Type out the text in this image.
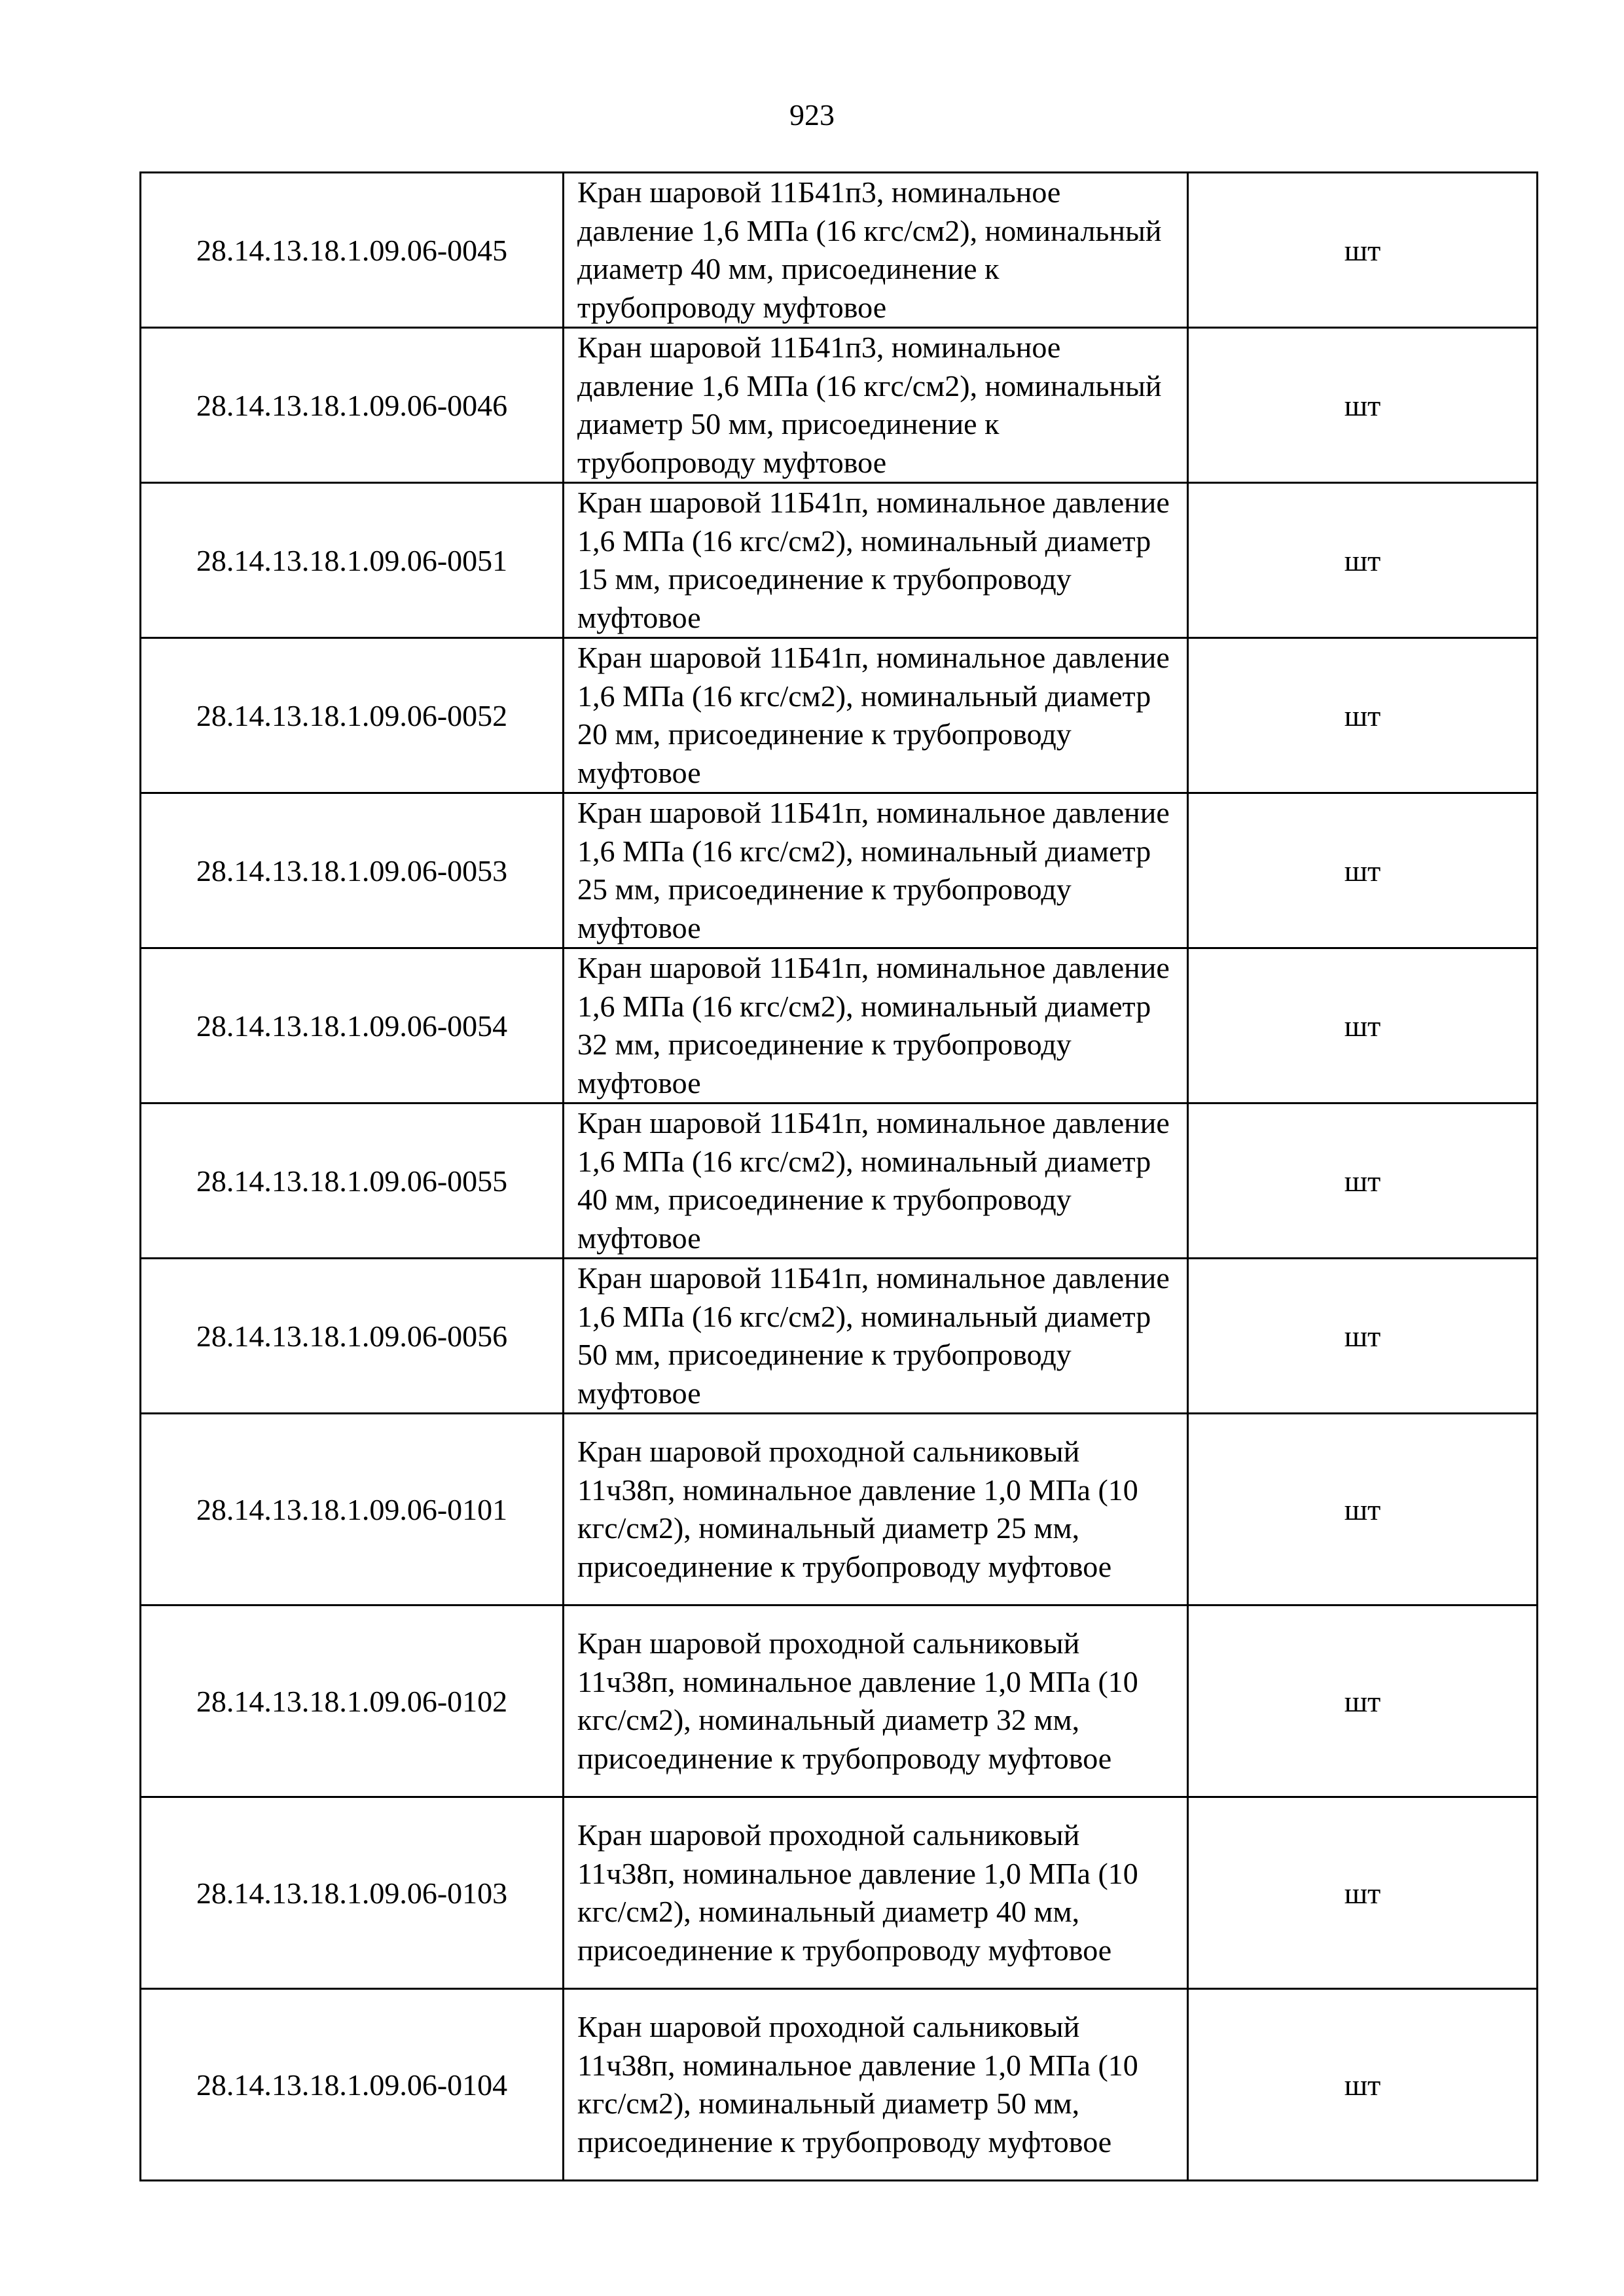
923
28.14.13.18.1.09.06-0045	Кран шаровой 11Б41п3, номинальное давление 1,6 МПа (16 кгс/см2), номинальный диаметр 40 мм, присоединение к трубопроводу муфтовое	шт
28.14.13.18.1.09.06-0046	Кран шаровой 11Б41п3, номинальное давление 1,6 МПа (16 кгс/см2), номинальный диаметр 50 мм, присоединение к трубопроводу муфтовое	шт
28.14.13.18.1.09.06-0051	Кран шаровой 11Б41п, номинальное давление 1,6 МПа (16 кгс/см2), номинальный диаметр 15 мм, присоединение к трубопроводу муфтовое	шт
28.14.13.18.1.09.06-0052	Кран шаровой 11Б41п, номинальное давление 1,6 МПа (16 кгс/см2), номинальный диаметр 20 мм, присоединение к трубопроводу муфтовое	шт
28.14.13.18.1.09.06-0053	Кран шаровой 11Б41п, номинальное давление 1,6 МПа (16 кгс/см2), номинальный диаметр 25 мм, присоединение к трубопроводу муфтовое	шт
28.14.13.18.1.09.06-0054	Кран шаровой 11Б41п, номинальное давление 1,6 МПа (16 кгс/см2), номинальный диаметр 32 мм, присоединение к трубопроводу муфтовое	шт
28.14.13.18.1.09.06-0055	Кран шаровой 11Б41п, номинальное давление 1,6 МПа (16 кгс/см2), номинальный диаметр 40 мм, присоединение к трубопроводу муфтовое	шт
28.14.13.18.1.09.06-0056	Кран шаровой 11Б41п, номинальное давление 1,6 МПа (16 кгс/см2), номинальный диаметр 50 мм, присоединение к трубопроводу муфтовое	шт
28.14.13.18.1.09.06-0101	Кран шаровой проходной сальниковый 11ч38п, номинальное давление 1,0 МПа (10 кгс/см2), номинальный диаметр 25 мм, присоединение к трубопроводу муфтовое	шт
28.14.13.18.1.09.06-0102	Кран шаровой проходной сальниковый 11ч38п, номинальное давление 1,0 МПа (10 кгс/см2), номинальный диаметр 32 мм, присоединение к трубопроводу муфтовое	шт
28.14.13.18.1.09.06-0103	Кран шаровой проходной сальниковый 11ч38п, номинальное давление 1,0 МПа (10 кгс/см2), номинальный диаметр 40 мм, присоединение к трубопроводу муфтовое	шт
28.14.13.18.1.09.06-0104	Кран шаровой проходной сальниковый 11ч38п, номинальное давление 1,0 МПа (10 кгс/см2), номинальный диаметр 50 мм, присоединение к трубопроводу муфтовое	шт
